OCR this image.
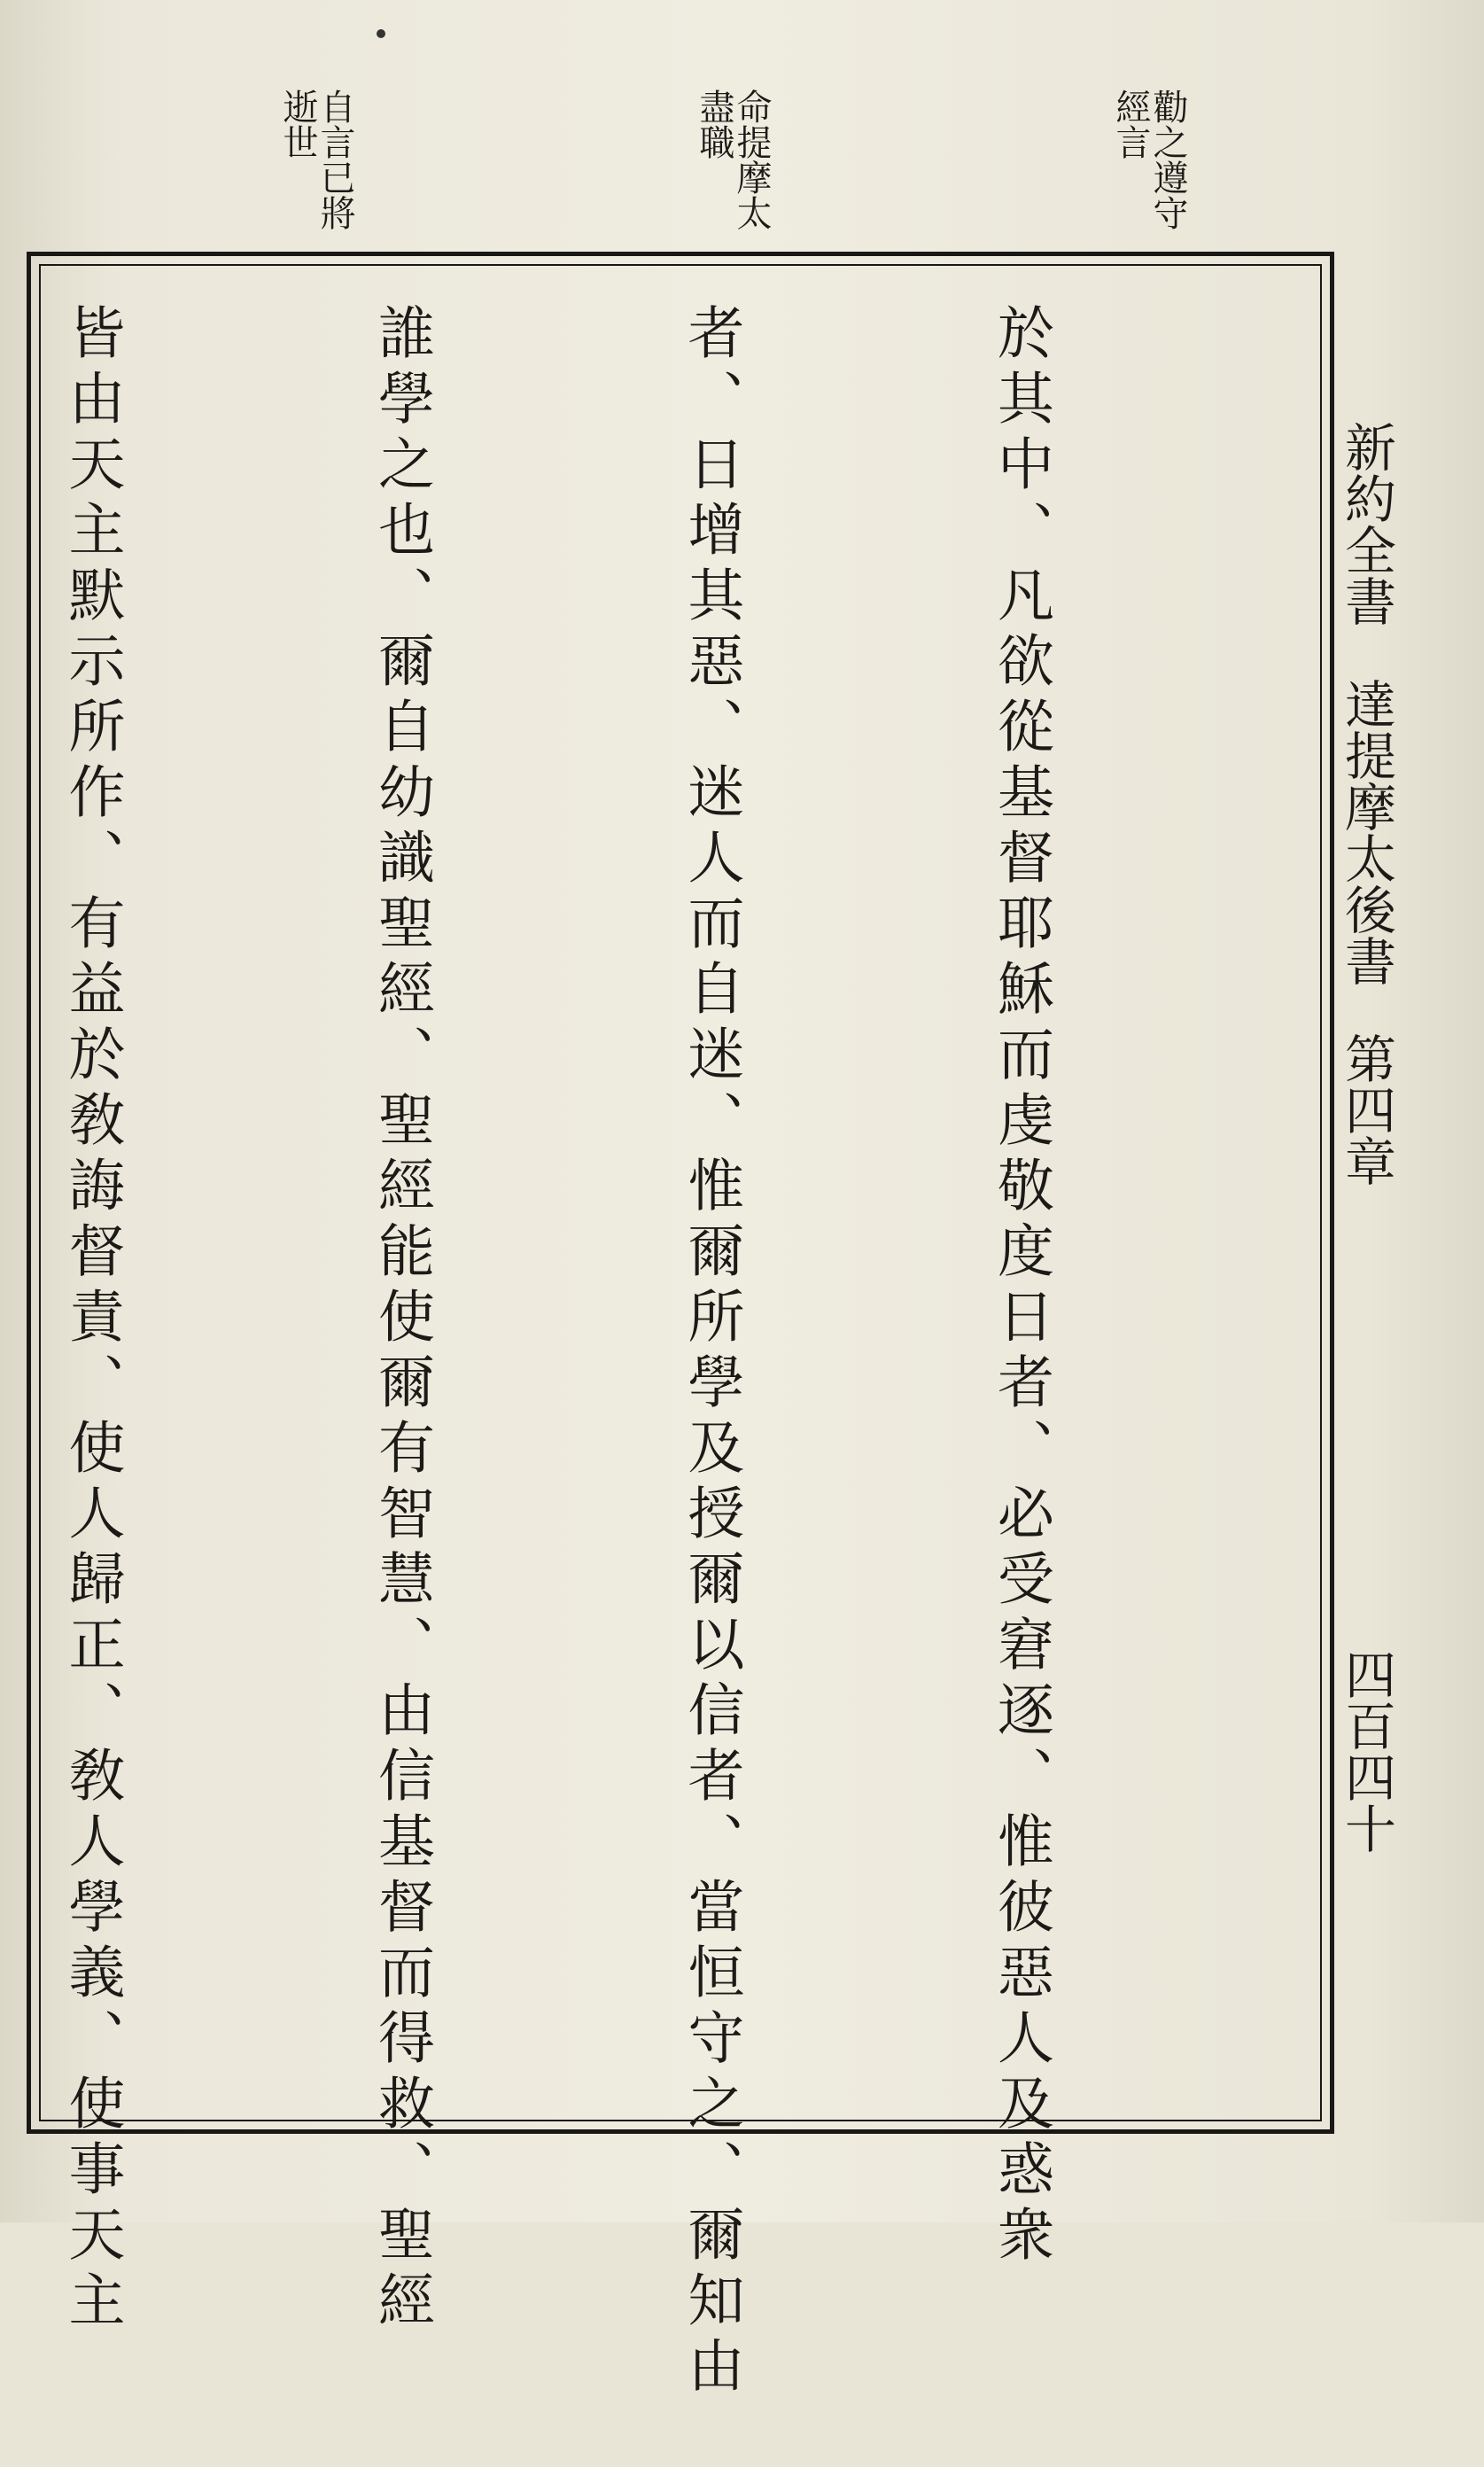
勸之遵守
經言
命提摩太
盡職
自言已將
逝世
新約全書　達提摩太後書
第四章
四百四十

於其中、凡欲從基督耶穌而虔敬度日者、必受窘逐、惟彼惡人及惑衆

者、日增其惡、迷人而自迷、惟爾所學及授爾以信者、當恒守之、爾知由

誰學之也、爾自幼識聖經、聖經能使爾有智慧、由信基督而得救、聖經

皆由天主默示所作、有益於敎誨督責、使人歸正、敎人學義、使事天主
